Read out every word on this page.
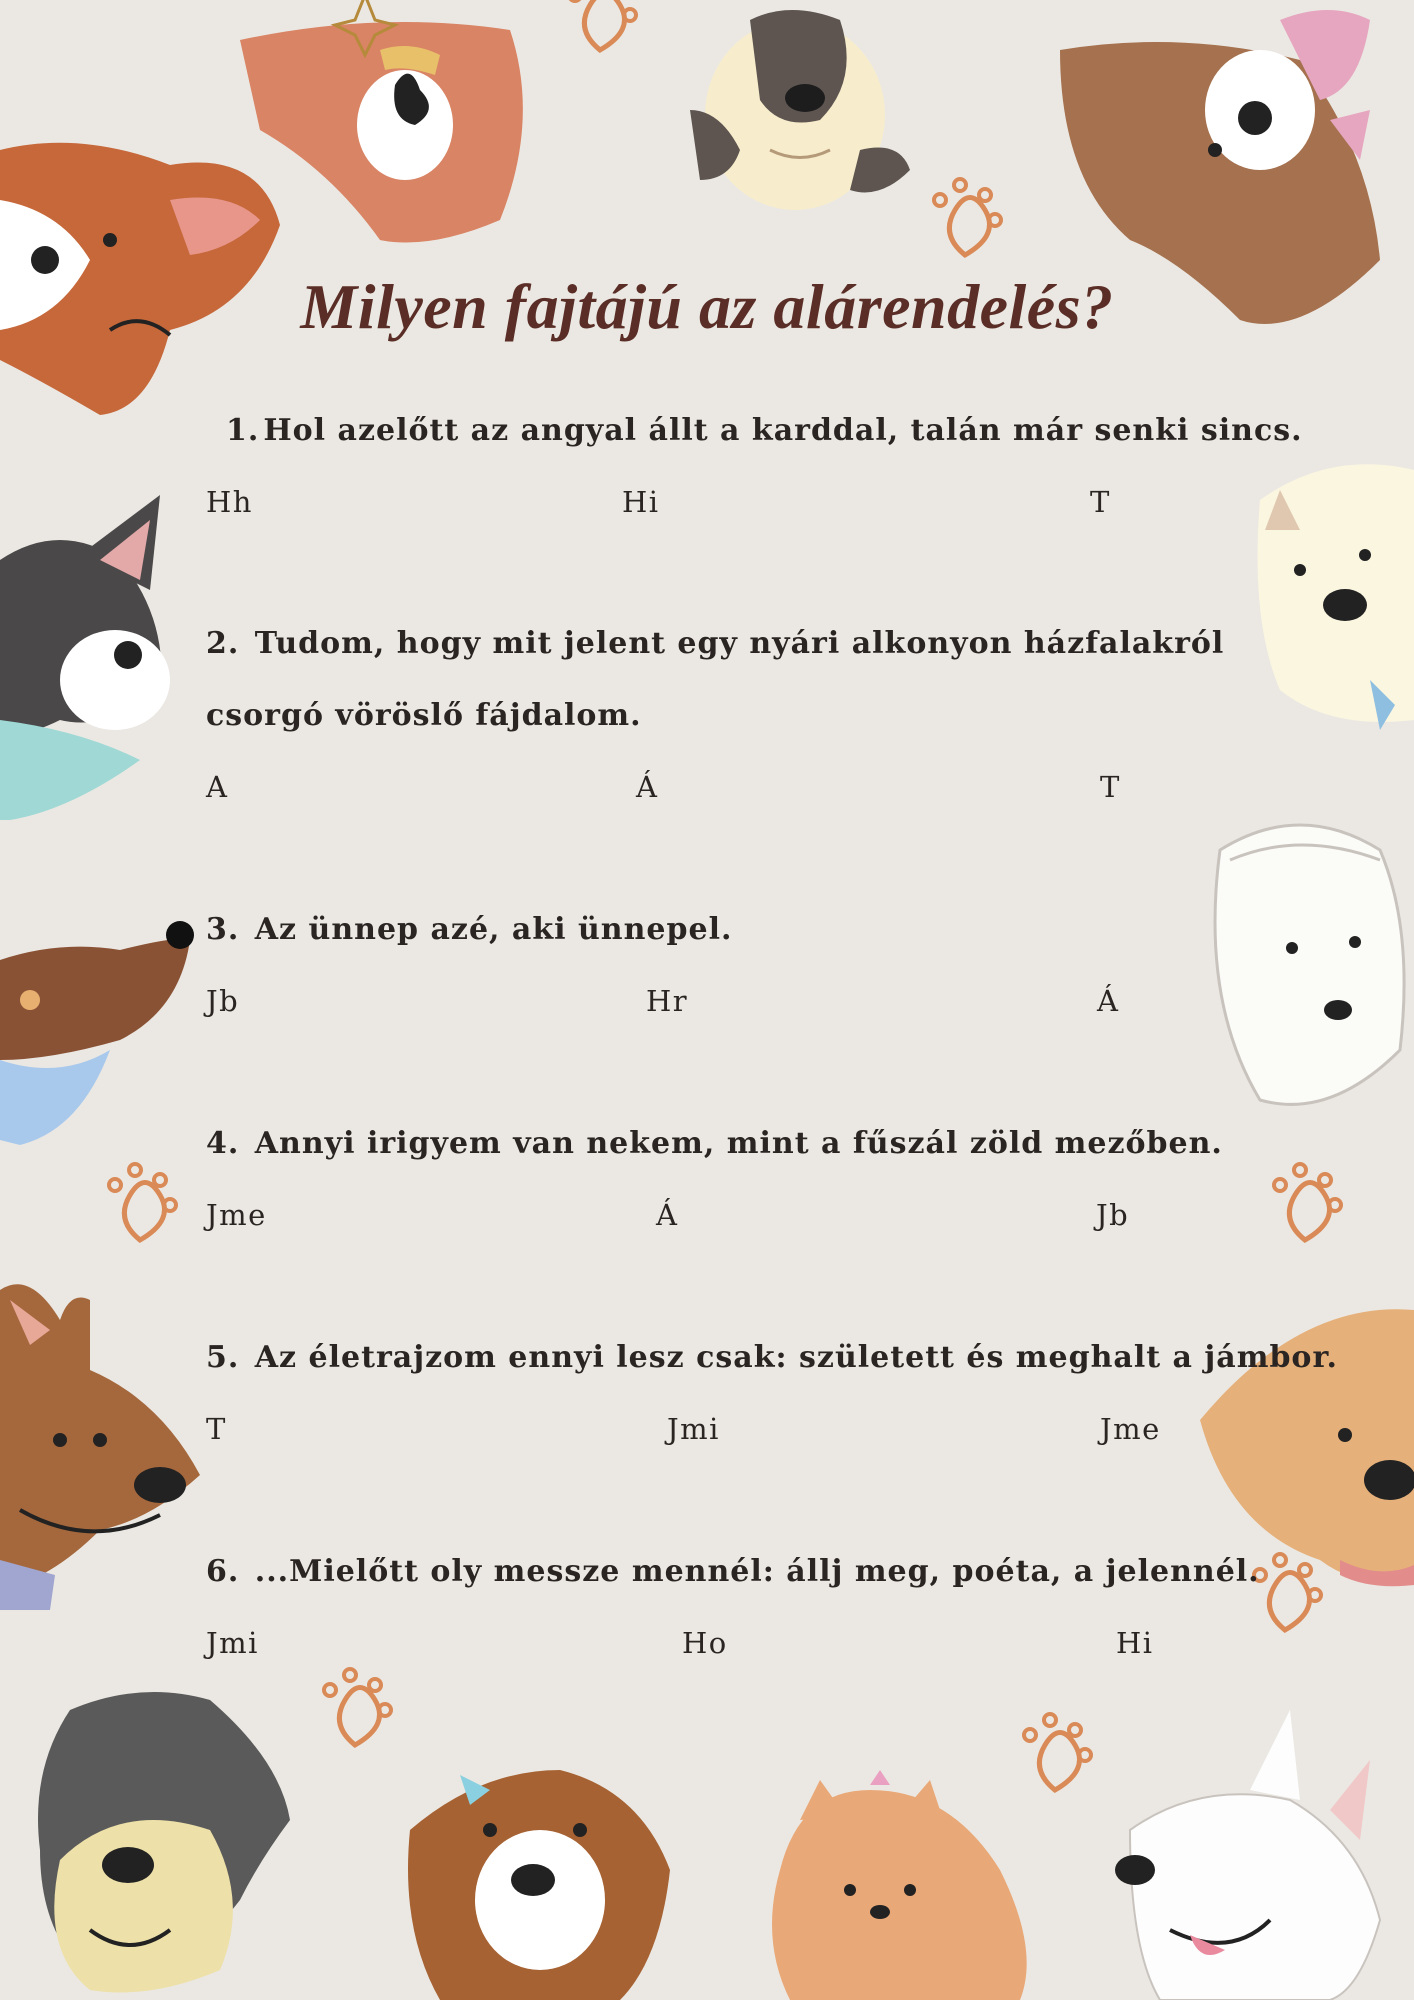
Milyen fajtájú az alárendelés?
1. Hol azelőtt az angyal állt a karddal, talán már senki sincs.
Hh	Hi	T
2. Tudom, hogy mit jelent egy nyári alkonyon házfalakról
csorgó vöröslő fájdalom.
A	Á	T
3. Az ünnep azé, aki ünnepel.
Jb	Hr	Á
4. Annyi irigyem van nekem, mint a fűszál zöld mezőben.
Jme	Á	Jb
5. Az életrajzom ennyi lesz csak: született és meghalt a jámbor.
T	Jmi	Jme
6. ...Mielőtt oly messze mennél: állj meg, poéta, a jelennél.
Jmi	Ho	Hi
